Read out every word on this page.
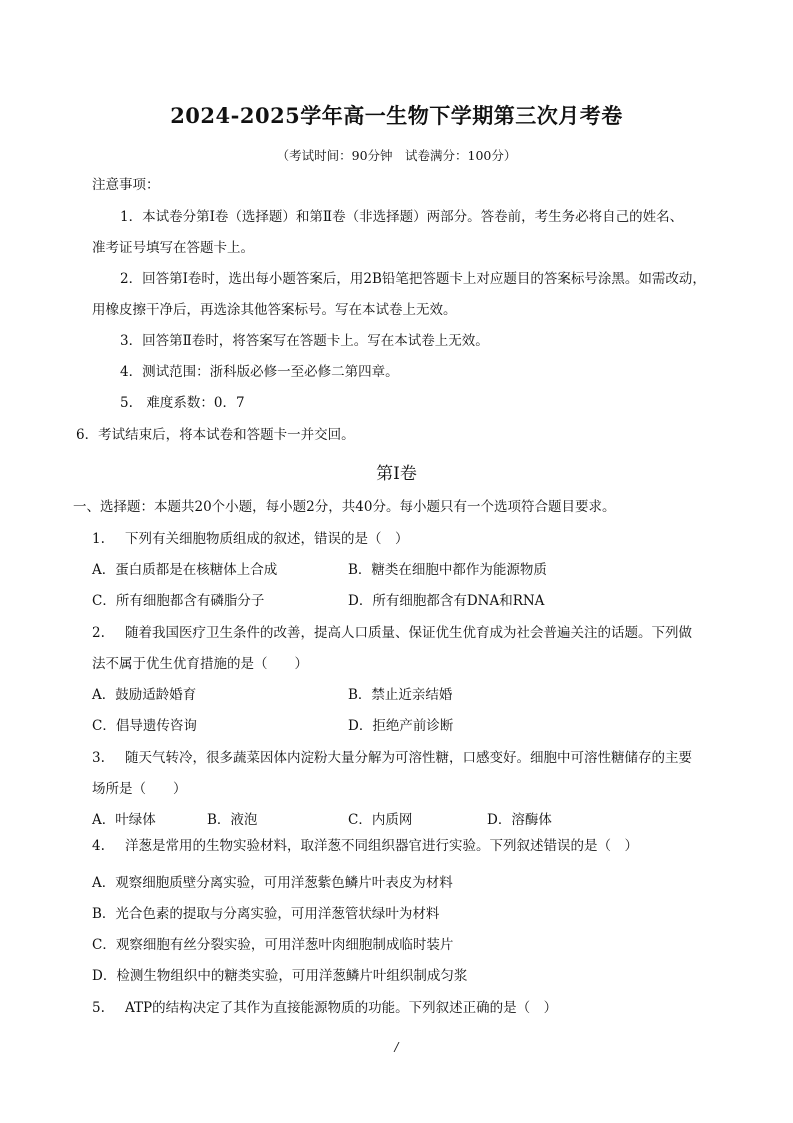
2024-2025学年高一生物下学期第三次月考卷
（考试时间：90分钟　试卷满分：100分）
注意事项：
1．本试卷分第Ⅰ卷（选择题）和第Ⅱ卷（非选择题）两部分。答卷前，考生务必将自己的姓名、
准考证号填写在答题卡上。
2．回答第Ⅰ卷时，选出每小题答案后，用2B铅笔把答题卡上对应题目的答案标号涂黑。如需改动，
用橡皮擦干净后，再选涂其他答案标号。写在本试卷上无效。
3．回答第Ⅱ卷时，将答案写在答题卡上。写在本试卷上无效。
4．测试范围：浙科版必修一至必修二第四章。
5.　难度系数：0．7
6．考试结束后，将本试卷和答题卡一并交回。
第Ⅰ卷
一、选择题：本题共20个小题，每小题2分，共40分。每小题只有一个选项符合题目要求。
1. 下列有关细胞物质组成的叙述，错误的是（　）
A．蛋白质都是在核糖体上合成	B．糖类在细胞中都作为能源物质
C．所有细胞都含有磷脂分子	D．所有细胞都含有DNA和RNA
2. 随着我国医疗卫生条件的改善，提高人口质量、保证优生优育成为社会普遍关注的话题。下列做
法不属于优生优育措施的是（　　）
A．鼓励适龄婚育	B．禁止近亲结婚
C．倡导遗传咨询	D．拒绝产前诊断
3. 随天气转冷，很多蔬菜因体内淀粉大量分解为可溶性糖，口感变好。细胞中可溶性糖储存的主要
场所是（　　）
A．叶绿体	B．液泡	C．内质网	D．溶酶体
4. 洋葱是常用的生物实验材料，取洋葱不同组织器官进行实验。下列叙述错误的是（　）
A．观察细胞质壁分离实验，可用洋葱紫色鳞片叶表皮为材料
B．光合色素的提取与分离实验，可用洋葱管状绿叶为材料
C．观察细胞有丝分裂实验，可用洋葱叶肉细胞制成临时装片
D．检测生物组织中的糖类实验，可用洋葱鳞片叶组织制成匀浆
5. ATP的结构决定了其作为直接能源物质的功能。下列叙述正确的是（　）
/
